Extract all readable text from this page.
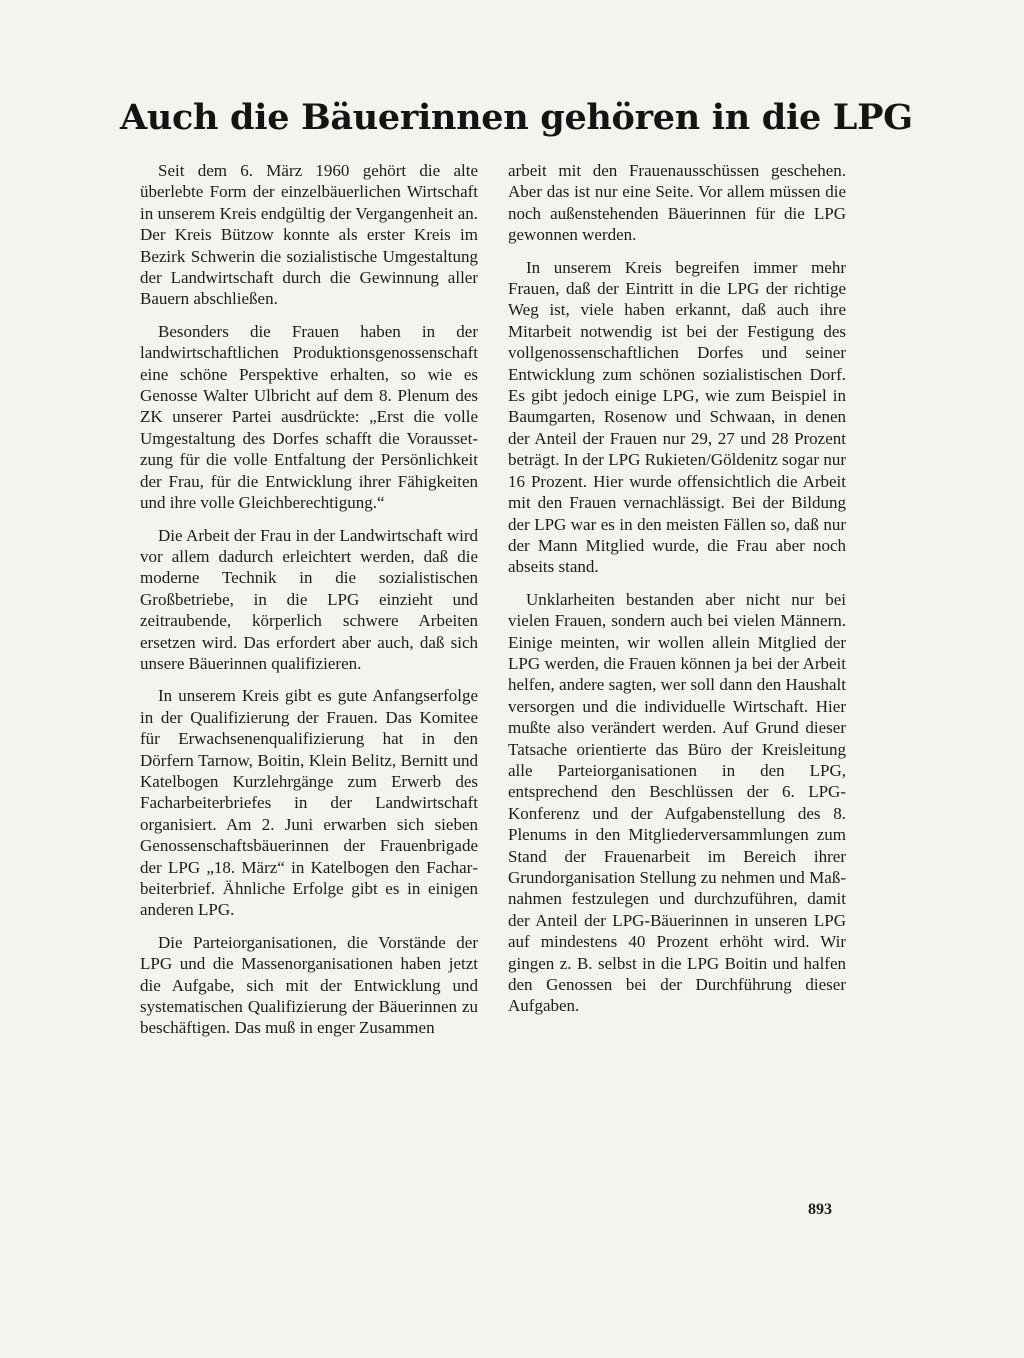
Auch die Bäuerinnen gehören in die LPG

Seit dem 6. März 1960 gehört die alte überlebte Form der einzelbäuerlichen Wirtschaft in unserem Kreis endgültig der Vergangenheit an. Der Kreis Bützow konnte als erster Kreis im Bezirk Schwerin die sozialistische Umgestaltung der Landwirtschaft durch die Gewinnung aller Bauern abschließen.

Besonders die Frauen haben in der landwirtschaftlichen Produktionsgenossenschaft eine schöne Perspektive erhalten, so wie es Genosse Walter Ulbricht auf dem 8. Plenum des ZK unserer Partei ausdrückte: „Erst die volle Umgestaltung des Dorfes schafft die Voraussetzung für die volle Entfaltung der Persönlichkeit der Frau, für die Entwicklung ihrer Fähigkeiten und ihre volle Gleichberechtigung.“

Die Arbeit der Frau in der Landwirtschaft wird vor allem dadurch erleichtert werden, daß die moderne Technik in die sozialistischen Großbetriebe, in die LPG einzieht und zeitraubende, körperlich schwere Arbeiten ersetzen wird. Das erfordert aber auch, daß sich unsere Bäuerinnen qualifizieren.

In unserem Kreis gibt es gute Anfangserfolge in der Qualifizierung der Frauen. Das Komitee für Erwachsenenqualifizierung hat in den Dörfern Tarnow, Boitin, Klein Belitz, Bernitt und Katelbogen Kurzlehrgänge zum Erwerb des Facharbeiterbriefes in der Landwirtschaft organisiert. Am 2. Juni erwarben sich sieben Genossenschaftsbäuerinnen der Frauenbrigade der LPG „18. März“ in Katelbogen den Facharbeiterbrief. Ähnliche Erfolge gibt es in einigen anderen LPG.

Die Parteiorganisationen, die Vorstände der LPG und die Massenorganisationen haben jetzt die Aufgabe, sich mit der Entwicklung und systematischen Qualifizierung der Bäuerinnen zu beschäftigen. Das muß in enger Zusammen

arbeit mit den Frauenausschüssen geschehen. Aber das ist nur eine Seite. Vor allem müssen die noch außenstehenden Bäuerinnen für die LPG gewonnen werden.

In unserem Kreis begreifen immer mehr Frauen, daß der Eintritt in die LPG der richtige Weg ist, viele haben erkannt, daß auch ihre Mitarbeit notwendig ist bei der Festigung des vollgenossenschaftlichen Dorfes und seiner Entwicklung zum schönen sozialistischen Dorf. Es gibt jedoch einige LPG, wie zum Beispiel in Baumgarten, Rosenow und Schwaan, in denen der Anteil der Frauen nur 29, 27 und 28 Prozent beträgt. In der LPG Rukieten/Göldenitz sogar nur 16 Prozent. Hier wurde offensichtlich die Arbeit mit den Frauen vernachlässigt. Bei der Bildung der LPG war es in den meisten Fällen so, daß nur der Mann Mitglied wurde, die Frau aber noch abseits stand.

Unklarheiten bestanden aber nicht nur bei vielen Frauen, sondern auch bei vielen Männern. Einige meinten, wir wollen allein Mitglied der LPG werden, die Frauen können ja bei der Arbeit helfen, andere sagten, wer soll dann den Haushalt versorgen und die individuelle Wirtschaft. Hier mußte also verändert werden. Auf Grund dieser Tatsache orientierte das Büro der Kreisleitung alle Parteiorganisationen in den LPG, entsprechend den Beschlüssen der 6. LPG-Konferenz und der Aufgabenstellung des 8. Plenums in den Mitgliederversammlungen zum Stand der Frauenarbeit im Bereich ihrer Grundorganisation Stellung zu nehmen und Maßnahmen festzulegen und durchzuführen, damit der Anteil der LPG-Bäuerinnen in unseren LPG auf mindestens 40 Prozent erhöht wird. Wir gingen z. B. selbst in die LPG Boitin und halfen den Genossen bei der Durchführung dieser Aufgaben.

893
